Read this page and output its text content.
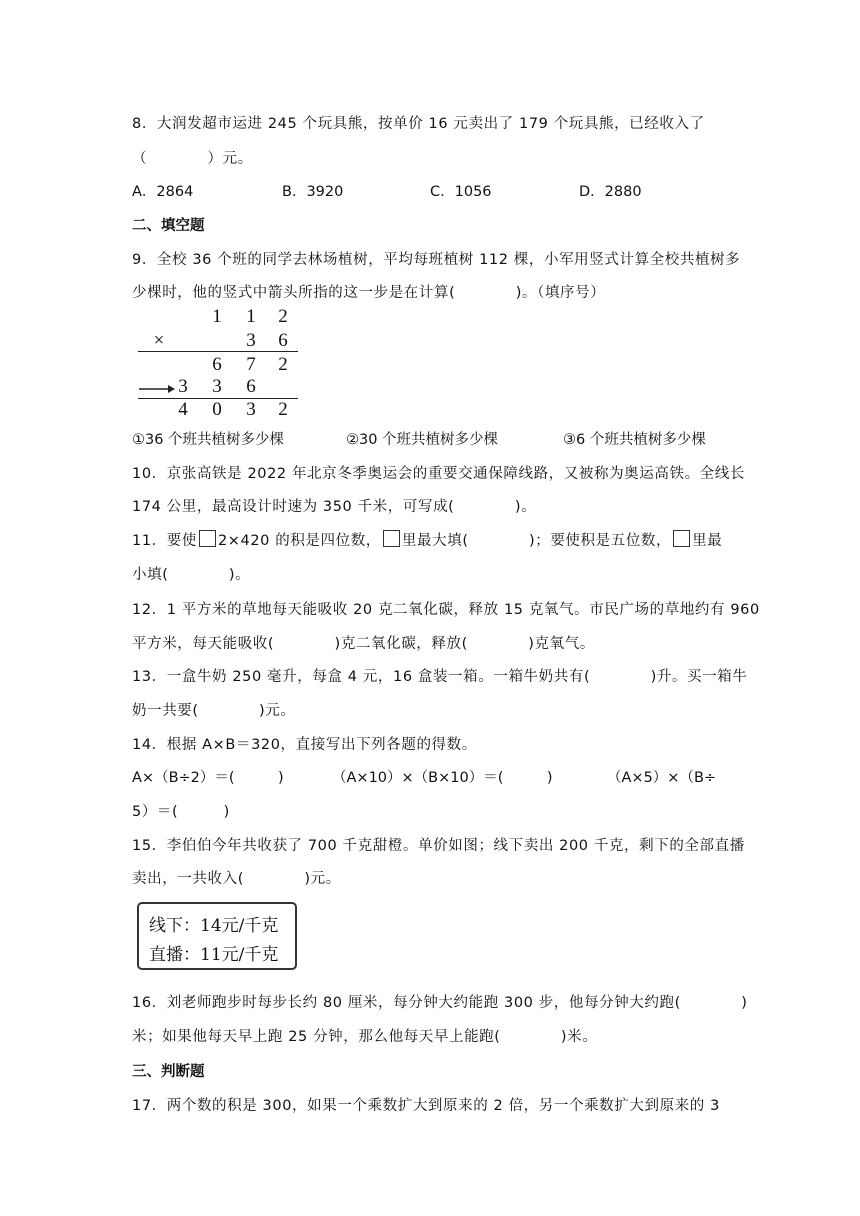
8．大润发超市运进 245 个玩具熊，按单价 16 元卖出了 179 个玩具熊，已经收入了
（　　　　）元。
A．2864	B．3920	C．1056	D．2880
二、填空题
9．全校 36 个班的同学去林场植树，平均每班植树 112 棵，小军用竖式计算全校共植树多
少棵时，他的竖式中箭头所指的这一步是在计算(　　　　)。（填序号）
1 1 2
×	3 6
6 7 2
3 3 6
4 0 3 2
①36 个班共植树多少棵	②30 个班共植树多少棵	③6 个班共植树多少棵
10．京张高铁是 2022 年北京冬季奥运会的重要交通保障线路，又被称为奥运高铁。全线长
174 公里，最高设计时速为 350 千米，可写成(　　　　)。
11．要使 2×420 的积是四位数， 里最大填(　　　　)；要使积是五位数， 里最
小填(　　　　)。
12．1 平方米的草地每天能吸收 20 克二氧化碳，释放 15 克氧气。市民广场的草地约有 960
平方米，每天能吸收(　　　　)克二氧化碳，释放(　　　　)克氧气。
13．一盒牛奶 250 毫升，每盒 4 元，16 盒装一箱。一箱牛奶共有(　　　　)升。买一箱牛
奶一共要(　　　　)元。
14．根据 A×B＝320，直接写出下列各题的得数。
A×（B÷2）＝(　　　)	（A×10）×（B×10）＝(　　　)	（A×5）×（B÷
5）＝(　　　)
15．李伯伯今年共收获了 700 千克甜橙。单价如图；线下卖出 200 千克，剩下的全部直播
卖出，一共收入(　　　　)元。
线下：14元/千克
直播：11元/千克
16．刘老师跑步时每步长约 80 厘米，每分钟大约能跑 300 步，他每分钟大约跑(　　　　)
米；如果他每天早上跑 25 分钟，那么他每天早上能跑(　　　　)米。
三、判断题
17．两个数的积是 300，如果一个乘数扩大到原来的 2 倍，另一个乘数扩大到原来的 3
